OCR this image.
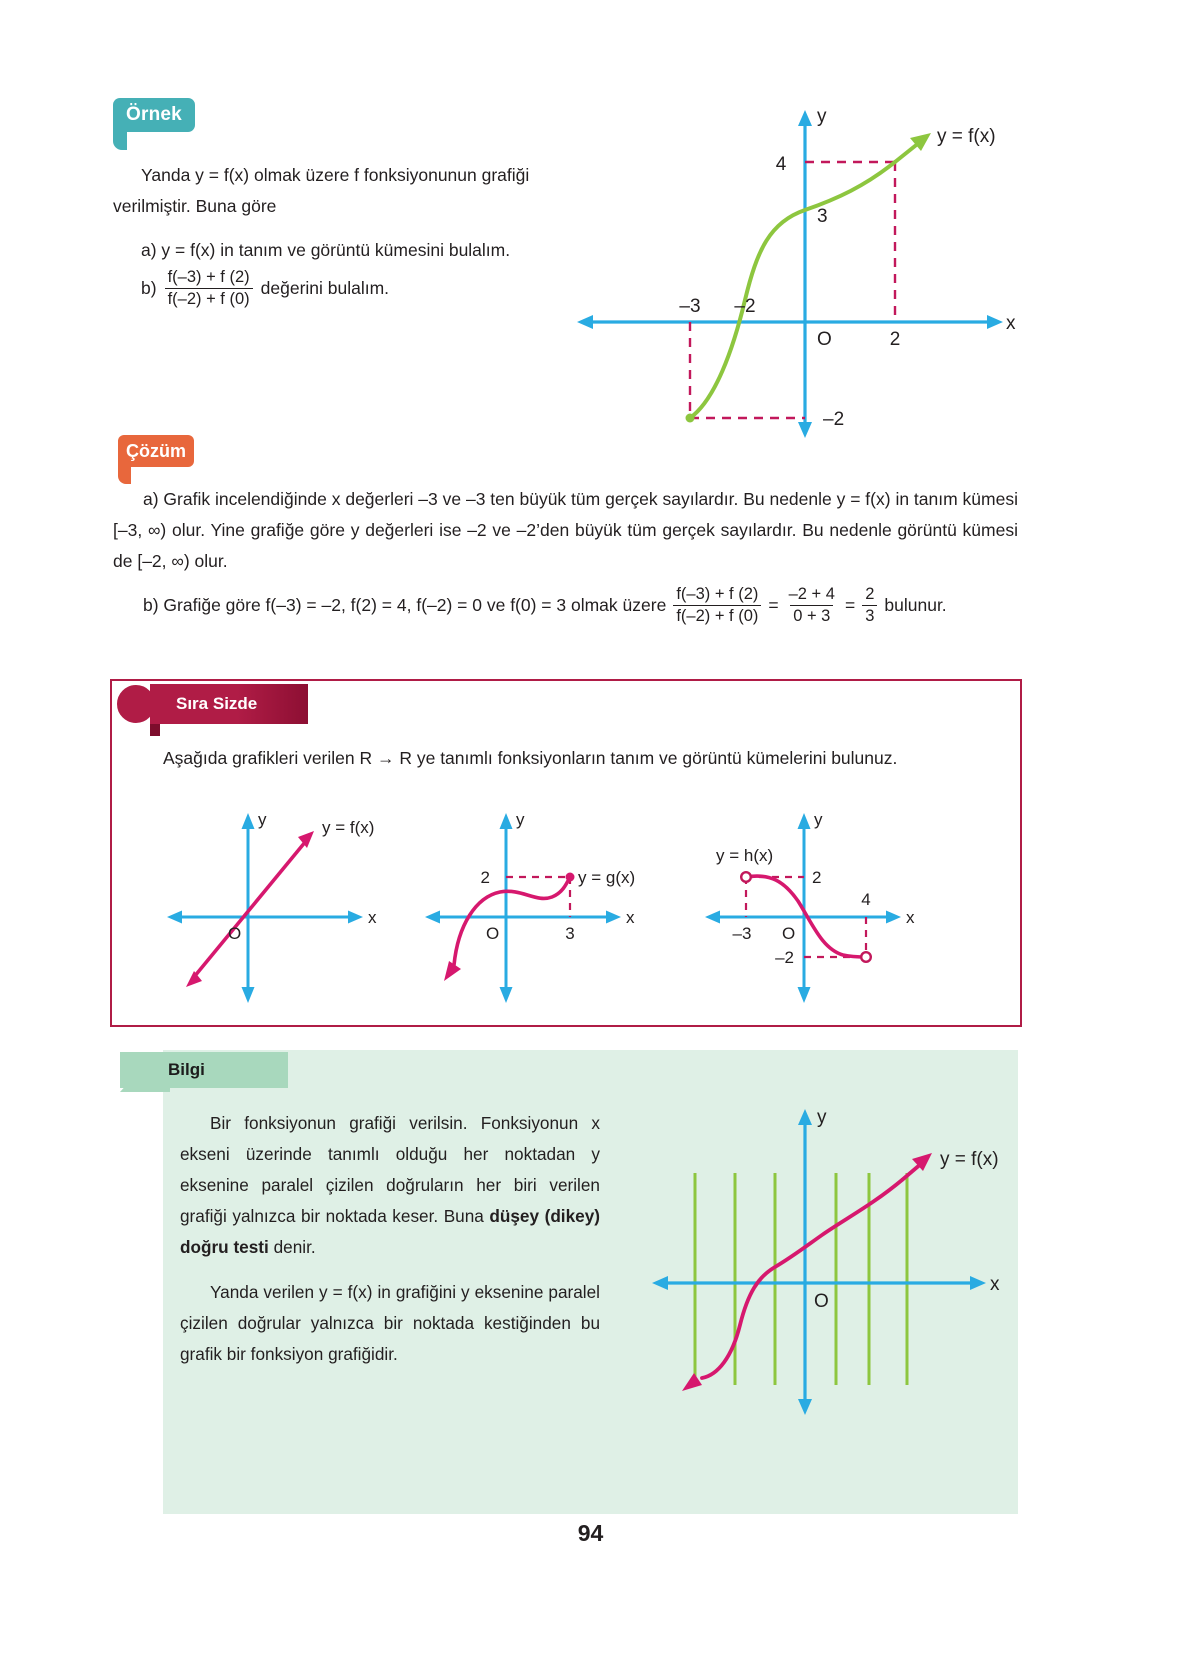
Örnek
Yanda y = f(x) olmak üzere f fonksiyonunun grafiği verilmiştir. Buna göre
a) y = f(x) in tanım ve görüntü kümesini bulalım.
$b) \frac{f(-3) + f (2)}{f(-2) + f (0)}$ değerini bulalım.
y
x
O
4
3
–2
–3 –2
2
y = f(x)
Çözüm
a) Grafik incelendiğinde x değerleri –3 ve –3 ten büyük tüm gerçek sayılardır. Bu nedenle y = f(x) in tanım kümesi [–3, ∞) olur. Yine grafiğe göre y değerleri ise –2 ve –2’den büyük tüm gerçek sayılardır. Bu nedenle görüntü kümesi de [–2, ∞) olur.
b) Grafiğe göre f(–3) = –2, f(2) = 4, f(–2) = 0 ve f(0) = 3 olmak üzere $\frac{f(-3) + f (2)}{f(-2) + f (0)} = \frac{-2 + 4}{0 + 3} = \frac{2}{3}$ bulunur.
Sıra Sizde
Aşağıda grafikleri verilen R → R ye tanımlı fonksiyonların tanım ve görüntü kümelerini bulunuz.
y
x
O
y = f(x)	y
x
O
2
3
y = g(x)
y
x
O
2
–2
–3
4
y = h(x)
Bilgi

Bir fonksiyonun grafiği verilsin. Fonksiyonun x ekseni üzerinde tanımlı olduğu her noktadan y eksenine paralel çizilen doğruların her biri verilen grafiği yalnızca bir noktada keser. Buna düşey (dikey) doğru testi denir.

Yanda verilen y = f(x) in grafiğini y eksenine paralel çizilen doğrular yalnızca bir noktada kestiğinden bu grafik bir fonksiyon grafiğidir.

y
x
O
y = f(x)
94
